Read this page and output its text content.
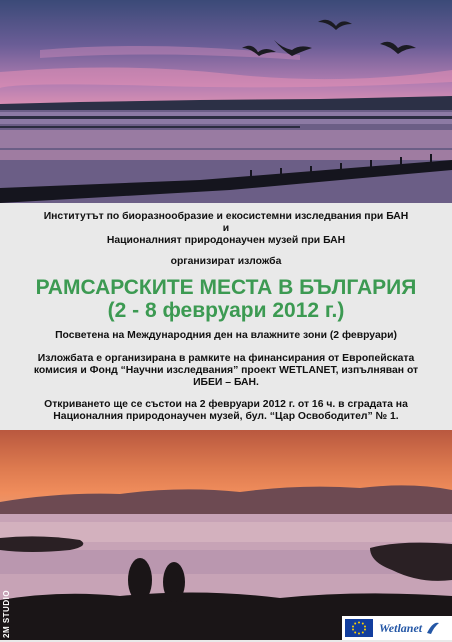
Институтът по биоразнообразие и екосистемни изследвания при БАН
и
Националният природонаучен музей при БАН
организират изложба
РАМСАРСКИТЕ МЕСТА В БЪЛГАРИЯ
(2 - 8 февруари 2012 г.)
Посветена на Международния ден на влажните зони (2 февруари)
Изложбата е организирана в рамките на финансирания от Европейската
комисия и Фонд “Научни изследвания” проект WETLANET, изпълняван от
ИБЕИ – БАН.
Откриването ще се състои на 2 февруари 2012 г. от 16 ч. в сградата на
Националния природонаучен музей, бул. “Цар Освободител” № 1.
2M STUDIO	Wetlanet
